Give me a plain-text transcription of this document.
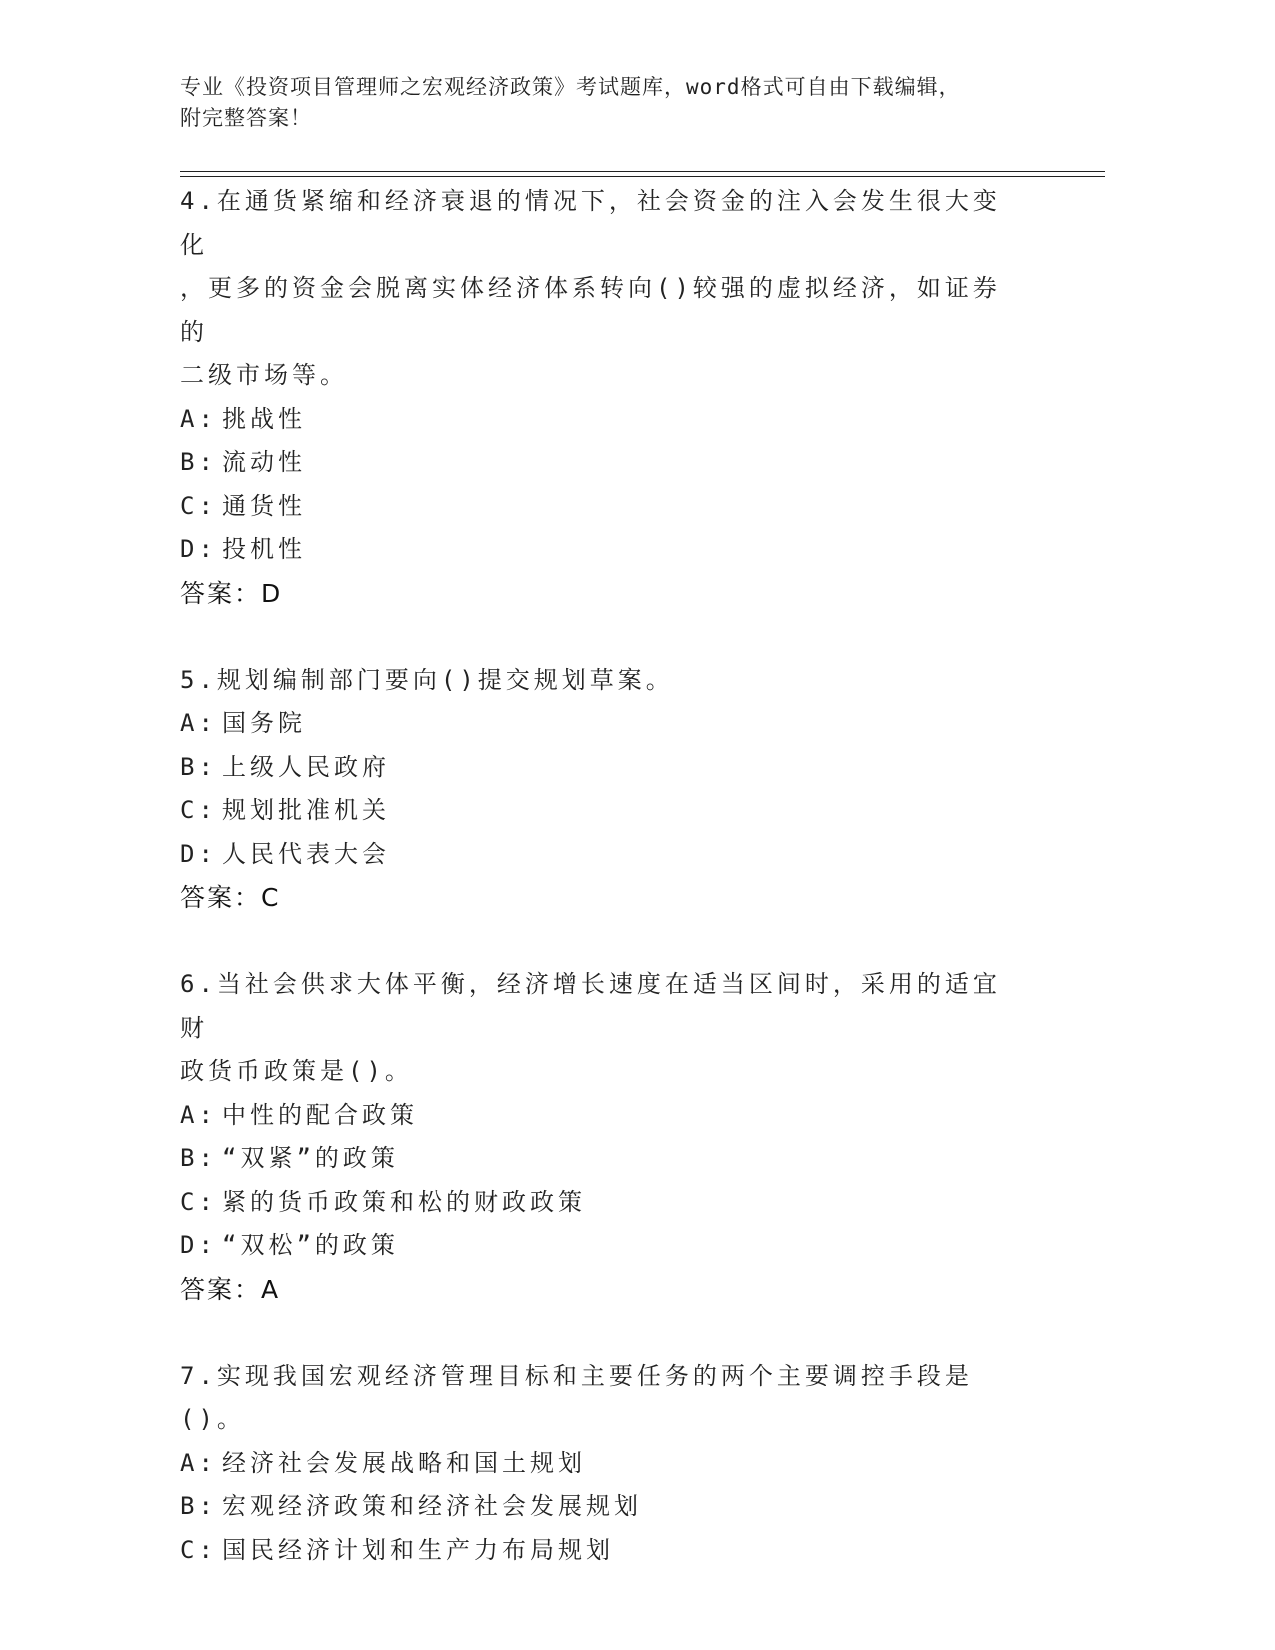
专业《投资项目管理师之宏观经济政策》考试题库，word格式可自由下载编辑，
附完整答案！

4.在通货紧缩和经济衰退的情况下，社会资金的注入会发生很大变化

，更多的资金会脱离实体经济体系转向()较强的虚拟经济，如证券的

二级市场等。

A: 挑战性

B: 流动性

C: 通货性

D: 投机性

答案：D

5.规划编制部门要向()提交规划草案。

A: 国务院

B: 上级人民政府

C: 规划批准机关

D: 人民代表大会

答案：C

6.当社会供求大体平衡，经济增长速度在适当区间时，采用的适宜财

政货币政策是()。

A: 中性的配合政策

B: “双紧”的政策

C: 紧的货币政策和松的财政政策

D: “双松”的政策

答案：A

7.实现我国宏观经济管理目标和主要任务的两个主要调控手段是()。

A: 经济社会发展战略和国土规划

B: 宏观经济政策和经济社会发展规划

C: 国民经济计划和生产力布局规划
